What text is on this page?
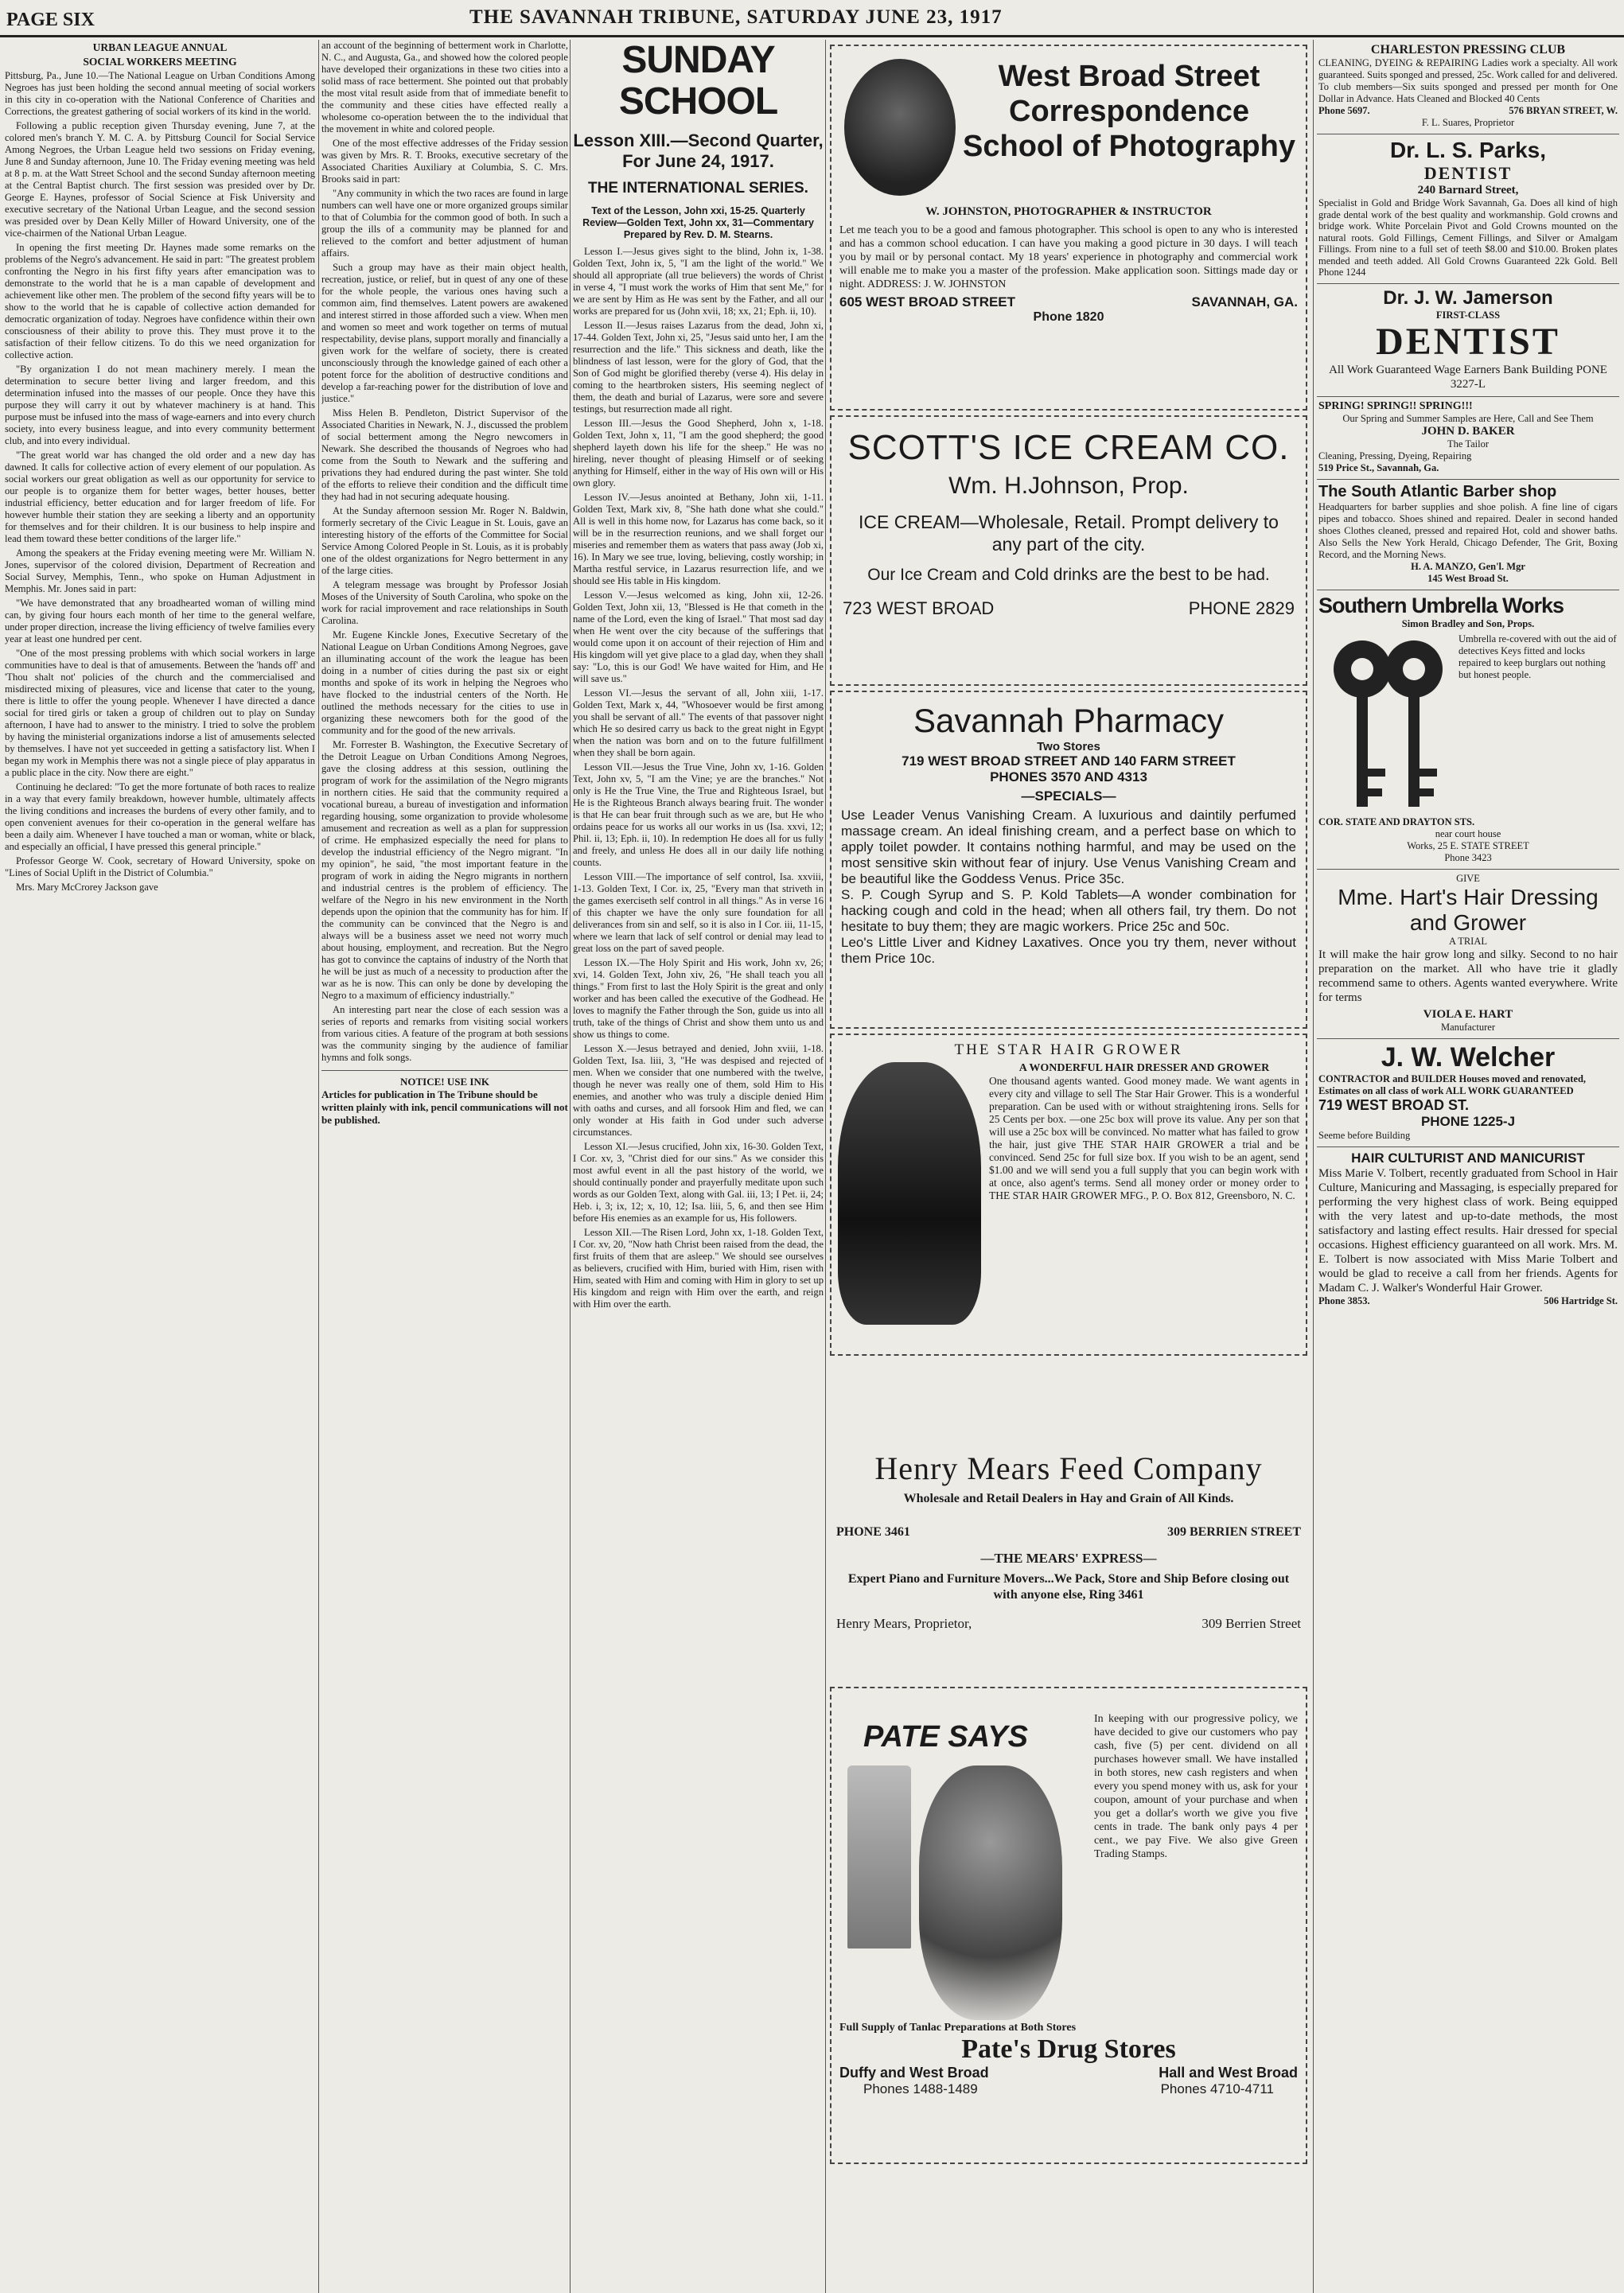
PAGE SIX	THE SAVANNAH TRIBUNE, SATURDAY JUNE 23, 1917
URBAN LEAGUE ANNUAL
SOCIAL WORKERS MEETING

Pittsburg, Pa., June 10.—The National League on Urban Conditions Among Negroes has just been holding the second annual meeting of social workers in this city in co-operation with the National Conference of Charities and Corrections, the greatest gathering of social workers of its kind in the world.

Following a public reception given Thursday evening, June 7, at the colored men's branch Y. M. C. A. by Pittsburg Council for Social Service Among Negroes, the Urban League held two sessions on Friday evening, June 8 and Sunday afternoon, June 10. The Friday evening meeting was held at 8 p. m. at the Watt Street School and the second Sunday afternoon meeting at the Central Baptist church. The first session was presided over by Dr. George E. Haynes, professor of Social Science at Fisk University and executive secretary of the National Urban League, and the second session was presided over by Dean Kelly Miller of Howard University, one of the vice-chairmen of the National Urban League.

In opening the first meeting Dr. Haynes made some remarks on the problems of the Negro's advancement. He said in part: "The greatest problem confronting the Negro in his first fifty years after emancipation was to demonstrate to the world that he is a man capable of development and achievement like other men. The problem of the second fifty years will be to show to the world that he is capable of collective action demanded for democratic organization of today. Negroes have confidence within their own consciousness of their ability to prove this. They must prove it to the satisfaction of their fellow citizens. To do this we need organization for collective action.

"By organization I do not mean machinery merely. I mean the determination to secure better living and larger freedom, and this determination infused into the masses of our people. Once they have this purpose they will carry it out by whatever machinery is at hand. This purpose must be infused into the mass of wage-earners and into every church society, into every business league, and into every community betterment club, and into every individual.

"The great world war has changed the old order and a new day has dawned. It calls for collective action of every element of our population. As social workers our great obligation as well as our opportunity for service to our people is to organize them for better wages, better houses, better industrial efficiency, better education and for larger freedom of life. For however humble their station they are seeking a liberty and an opportunity for themselves and for their children. It is our business to help inspire and lead them toward these better conditions of the larger life."

Among the speakers at the Friday evening meeting were Mr. William N. Jones, supervisor of the colored division, Department of Recreation and Social Survey, Memphis, Tenn., who spoke on Human Adjustment in Memphis. Mr. Jones said in part:

"We have demonstrated that any broadhearted woman of willing mind can, by giving four hours each month of her time to the general welfare, under proper direction, increase the living efficiency of twelve families every year at least one hundred per cent.

"One of the most pressing problems with which social workers in large communities have to deal is that of amusements. Between the 'hands off' and 'Thou shalt not' policies of the church and the commercialised and misdirected mixing of pleasures, vice and license that cater to the young, there is little to offer the young people. Whenever I have directed a dance social for tired girls or taken a group of children out to play on Sunday afternoon, I have had to answer to the ministry. I tried to solve the problem by having the ministerial organizations indorse a list of amusements selected by themselves. I have not yet succeeded in getting a satisfactory list. When I began my work in Memphis there was not a single piece of play apparatus in a public place in the city. Now there are eight."

Continuing he declared: "To get the more fortunate of both races to realize in a way that every family breakdown, however humble, ultimately affects the living conditions and increases the burdens of every other family, and to open convenient avenues for their co-operation in the general welfare has been a daily aim. Whenever I have touched a man or woman, white or black, and especially an official, I have pressed this general principle."

Professor George W. Cook, secretary of Howard University, spoke on "Lines of Social Uplift in the District of Columbia."

Mrs. Mary McCrorey Jackson gave

an account of the beginning of betterment work in Charlotte, N. C., and Augusta, Ga., and showed how the colored people have developed their organizations in these two cities into a solid mass of race betterment. She pointed out that probably the most vital result aside from that of immediate benefit to the community and these cities have effected really a wholesome co-operation between the to the individual that the movement in white and colored people.

One of the most effective addresses of the Friday session was given by Mrs. R. T. Brooks, executive secretary of the Associated Charities Auxiliary at Columbia, S. C. Mrs. Brooks said in part:

"Any community in which the two races are found in large numbers can well have one or more organized groups similar to that of Columbia for the common good of both. In such a group the ills of a community may be planned for and relieved to the comfort and better adjustment of human affairs.

Such a group may have as their main object health, recreation, justice, or relief, but in quest of any one of these for the whole people, the various ones having such a common aim, find themselves. Latent powers are awakened and interest stirred in those afforded such a view. When men and women so meet and work together on terms of mutual respectability, devise plans, support morally and financially a given work for the welfare of society, there is created unconsciously through the knowledge gained of each other a potent force for the abolition of destructive conditions and develop a far-reaching power for the distribution of love and justice."

Miss Helen B. Pendleton, District Supervisor of the Associated Charities in Newark, N. J., discussed the problem of social betterment among the Negro newcomers in Newark. She described the thousands of Negroes who had come from the South to Newark and the suffering and privations they had endured during the past winter. She told of the efforts to relieve their condition and the difficult time they had had in not securing adequate housing.

At the Sunday afternoon session Mr. Roger N. Baldwin, formerly secretary of the Civic League in St. Louis, gave an interesting history of the efforts of the Committee for Social Service Among Colored People in St. Louis, as it is probably one of the oldest organizations for Negro betterment in any of the large cities.

A telegram message was brought by Professor Josiah Moses of the University of South Carolina, who spoke on the work for racial improvement and race relationships in South Carolina.

Mr. Eugene Kinckle Jones, Executive Secretary of the National League on Urban Conditions Among Negroes, gave an illuminating account of the work the league has been doing in a number of cities during the past six or eight months and spoke of its work in helping the Negroes who have flocked to the industrial centers of the North. He outlined the methods necessary for the cities to use in organizing these newcomers both for the good of the community and for the good of the new arrivals.

Mr. Forrester B. Washington, the Executive Secretary of the Detroit League on Urban Conditions Among Negroes, gave the closing address at this session, outlining the program of work for the assimilation of the Negro migrants in northern cities. He said that the community required a vocational bureau, a bureau of investigation and information regarding housing, some organization to provide wholesome amusement and recreation as well as a plan for suppression of crime. He emphasized especially the need for plans to develop the industrial efficiency of the Negro migrant. "In my opinion", he said, "the most important feature in the program of work in aiding the Negro migrants in northern and industrial centres is the problem of efficiency. The welfare of the Negro in his new environment in the North depends upon the opinion that the community has for him. If the community can be convinced that the Negro is and always will be a business asset we need not worry much about housing, employment, and recreation. But the Negro has got to convince the captains of industry of the North that he will be just as much of a necessity to production after the war as he is now. This can only be done by developing the Negro to a maximum of efficiency industrially."

An interesting part near the close of each session was a series of reports and remarks from visiting social workers from various cities. A feature of the program at both sessions was the community singing by the audience of familiar hymns and folk songs.

NOTICE! USE INK
Articles for publication in The Tribune should be written plainly with ink, pencil communications will not be published.
SUNDAY SCHOOL
Lesson XIII.—Second Quarter, For June 24, 1917.
THE INTERNATIONAL SERIES.
Text of the Lesson, John xxi, 15-25. Quarterly Review—Golden Text, John xx, 31—Commentary Prepared by Rev. D. M. Stearns.

Lesson I.—Jesus gives sight to the blind, John ix, 1-38. Golden Text, John ix, 5, "I am the light of the world." We should all appropriate (all true believers) the words of Christ in verse 4, "I must work the works of Him that sent Me," for we are sent by Him as He was sent by the Father, and all our works are prepared for us (John xvii, 18; xx, 21; Eph. ii, 10).

Lesson II.—Jesus raises Lazarus from the dead, John xi, 17-44. Golden Text, John xi, 25, "Jesus said unto her, I am the resurrection and the life." This sickness and death, like the blindness of last lesson, were for the glory of God, that the Son of God might be glorified thereby (verse 4). His delay in coming to the heartbroken sisters, His seeming neglect of them, the death and burial of Lazarus, were sore and severe testings, but resurrection made all right.

Lesson III.—Jesus the Good Shepherd, John x, 1-18. Golden Text, John x, 11, "I am the good shepherd; the good shepherd layeth down his life for the sheep." He was no hireling, never thought of pleasing Himself or of seeking anything for Himself, either in the way of His own will or His own glory.

Lesson IV.—Jesus anointed at Bethany, John xii, 1-11. Golden Text, Mark xiv, 8, "She hath done what she could." All is well in this home now, for Lazarus has come back, so it will be in the resurrection reunions, and we shall forget our miseries and remember them as waters that pass away (Job xi, 16). In Mary we see true, loving, believing, costly worship; in Martha restful service, in Lazarus resurrection life, and we should see His table in His kingdom.

Lesson V.—Jesus welcomed as king, John xii, 12-26. Golden Text, John xii, 13, "Blessed is He that cometh in the name of the Lord, even the king of Israel." That most sad day when He went over the city because of the sufferings that would come upon it on account of their rejection of Him and His kingdom will yet give place to a glad day, when they shall say: "Lo, this is our God! We have waited for Him, and He will save us."

Lesson VI.—Jesus the servant of all, John xiii, 1-17. Golden Text, Mark x, 44, "Whosoever would be first among you shall be servant of all." The events of that passover night which He so desired carry us back to the great night in Egypt when the nation was born and on to the future fulfillment when they shall be born again.

Lesson VII.—Jesus the True Vine, John xv, 1-16. Golden Text, John xv, 5, "I am the Vine; ye are the branches." Not only is He the True Vine, the True and Righteous Israel, but He is the Righteous Branch always bearing fruit. The wonder is that He can bear fruit through such as we are, but He who ordains peace for us works all our works in us (Isa. xxvi, 12; Phil. ii, 13; Eph. ii, 10). In redemption He does all for us fully and freely, and unless He does all in our daily life nothing counts.

Lesson VIII.—The importance of self control, Isa. xxviii, 1-13. Golden Text, I Cor. ix, 25, "Every man that striveth in the games exerciseth self control in all things." As in verse 16 of this chapter we have the only sure foundation for all deliverances from sin and self, so it is also in I Cor. iii, 11-15, where we learn that lack of self control or denial may lead to great loss on the part of saved people.

Lesson IX.—The Holy Spirit and His work, John xv, 26; xvi, 14. Golden Text, John xiv, 26, "He shall teach you all things." From first to last the Holy Spirit is the great and only worker and has been called the executive of the Godhead. He loves to magnify the Father through the Son, guide us into all truth, take of the things of Christ and show them unto us and show us things to come.

Lesson X.—Jesus betrayed and denied, John xviii, 1-18. Golden Text, Isa. liii, 3, "He was despised and rejected of men. When we consider that one numbered with the twelve, though he never was really one of them, sold Him to His enemies, and another who was truly a disciple denied Him with oaths and curses, and all forsook Him and fled, we can only wonder at His faith in God under such adverse circumstances.

Lesson XI.—Jesus crucified, John xix, 16-30. Golden Text, I Cor. xv, 3, "Christ died for our sins." As we consider this most awful event in all the past history of the world, we should continually ponder and prayerfully meditate upon such words as our Golden Text, along with Gal. iii, 13; I Pet. ii, 24; Heb. i, 3; ix, 12; x, 10, 12; Isa. liii, 5, 6, and then see Him before His enemies as an example for us, His followers.

Lesson XII.—The Risen Lord, John xx, 1-18. Golden Text, I Cor. xv, 20, "Now hath Christ been raised from the dead, the first fruits of them that are asleep." We should see ourselves as believers, crucified with Him, buried with Him, risen with Him, seated with Him and coming with Him in glory to set up His kingdom and reign with Him over the earth, and reign with Him over the earth.

West Broad Street Correspondence School of Photography
W. JOHNSTON, PHOTOGRAPHER & INSTRUCTOR
Let me teach you to be a good and famous photographer. This school is open to any who is interested and has a common school education. I can have you making a good picture in 30 days. I will teach you by mail or by personal contact. My 18 years' experience in photography and commercial work will enable me to make you a master of the profession. Make application soon. Sittings made day or night. ADDRESS: J. W. JOHNSTON
605 WEST BROAD STREET	SAVANNAH, GA.
Phone 1820
SCOTT'S ICE CREAM CO.
Wm. H.Johnson, Prop.
ICE CREAM—Wholesale, Retail. Prompt delivery to any part of the city.
Our Ice Cream and Cold drinks are the best to be had.
723 WEST BROAD	PHONE 2829
Savannah Pharmacy
Two Stores
719 WEST BROAD STREET AND 140 FARM STREET
PHONES 3570 AND 4313
—SPECIALS—
Use Leader Venus Vanishing Cream. A luxurious and daintily perfumed massage cream. An ideal finishing cream, and a perfect base on which to apply toilet powder. It contains nothing harmful, and may be used on the most sensitive skin without fear of injury. Use Venus Vanishing Cream and be beautiful like the Goddess Venus. Price 35c.
S. P. Cough Syrup and S. P. Kold Tablets—A wonder combination for hacking cough and cold in the head; when all others fail, try them. Do not hesitate to buy them; they are magic workers. Price 25c and 50c.
Leo's Little Liver and Kidney Laxatives. Once you try them, never without them Price 10c.
THE STAR HAIR GROWER
A WONDERFUL HAIR DRESSER AND GROWER
One thousand agents wanted. Good money made. We want agents in every city and village to sell The Star Hair Grower. This is a wonderful preparation. Can be used with or without straightening irons. Sells for 25 Cents per box. —one 25c box will prove its value. Any per son that will use a 25c box will be convinced. No matter what has failed to grow the hair, just give THE STAR HAIR GROWER a trial and be convinced. Send 25c for full size box. If you wish to be an agent, send $1.00 and we will send you a full supply that you can begin work with at once, also agent's terms. Send all money order or money order to THE STAR HAIR GROWER MFG., P. O. Box 812, Greensboro, N. C.
Henry Mears Feed Company
Wholesale and Retail Dealers in Hay and Grain of All Kinds.
PHONE 3461	309 BERRIEN STREET
—THE MEARS' EXPRESS—
Expert Piano and Furniture Movers...We Pack, Store and Ship Before closing out with anyone else, Ring 3461
Henry Mears, Proprietor,	309 Berrien Street
PATE SAYS
In keeping with our progressive policy, we have decided to give our customers who pay cash, five (5) per cent. dividend on all purchases however small. We have installed in both stores, new cash registers and when every you spend money with us, ask for your coupon, amount of your purchase and when you get a dollar's worth we give you five cents in trade. The bank only pays 4 per cent., we pay Five. We also give Green Trading Stamps.
Full Supply of Tanlac Preparations at Both Stores
Pate's Drug Stores
Duffy and West Broad	Hall and West Broad
Phones 1488-1489	Phones 4710-4711
CHARLESTON PRESSING CLUB
CLEANING, DYEING & REPAIRING Ladies work a specialty. All work guaranteed. Suits sponged and pressed, 25c. Work called for and delivered. To club members—Six suits sponged and pressed per month for One Dollar in Advance. Hats Cleaned and Blocked 40 Cents
Phone 5697.	576 BRYAN STREET, W.
F. L. Suares, Proprietor
Dr. L. S. Parks,
DENTIST
240 Barnard Street,
Specialist in Gold and Bridge Work Savannah, Ga. Does all kind of high grade dental work of the best quality and workmanship. Gold crowns and bridge work. White Porcelain Pivot and Gold Crowns mounted on the natural roots. Gold Fillings, Cement Fillings, and Silver or Amalgam Fillings. From nine to a full set of teeth $8.00 and $10.00. Broken plates mended and teeth added. All Gold Crowns Guaranteed 22k Gold. Bell Phone 1244
Dr. J. W. Jamerson
FIRST-CLASS
DENTIST
All Work Guaranteed Wage Earners Bank Building PONE 3227-L
SPRING! SPRING!! SPRING!!!
Our Spring and Summer Samples are Here, Call and See Them
JOHN D. BAKER
The Tailor
Cleaning, Pressing, Dyeing, Repairing
519 Price St., Savannah, Ga.
The South Atlantic Barber shop
Headquarters for barber supplies and shoe polish. A fine line of cigars pipes and tobacco. Shoes shined and repaired. Dealer in second handed shoes Clothes cleaned, pressed and repaired Hot, cold and shower baths. Also Sells the New York Herald, Chicago Defender, The Grit, Boxing Record, and the Morning News.
H. A. MANZO, Gen'l. Mgr
145 West Broad St.
Southern Umbrella Works
Simon Bradley and Son, Props.
Umbrella re-covered with out the aid of detectives Keys fitted and locks repaired to keep burglars out nothing but honest people.
COR. STATE AND DRAYTON STS.
near court house
Works, 25 E. STATE STREET
Phone 3423
GIVE
Mme. Hart's Hair Dressing and Grower
A TRIAL
It will make the hair grow long and silky. Second to no hair preparation on the market. All who have trie it gladly recommend same to others. Agents wanted everywhere. Write for terms
VIOLA E. HART
Manufacturer
J. W. Welcher
CONTRACTOR and BUILDER Houses moved and renovated, Estimates on all class of work ALL WORK GUARANTEED
719 WEST BROAD ST.
PHONE 1225-J
Seeme before Building
HAIR CULTURIST AND MANICURIST
Miss Marie V. Tolbert, recently graduated from School in Hair Culture, Manicuring and Massaging, is especially prepared for performing the very highest class of work. Being equipped with the very latest and up-to-date methods, the most satisfactory and lasting effect results. Hair dressed for special occasions. Highest efficiency guaranteed on all work. Mrs. M. E. Tolbert is now associated with Miss Marie Tolbert and would be glad to receive a call from her friends. Agents for Madam C. J. Walker's Wonderful Hair Grower.
Phone 3853.	506 Hartridge St.
